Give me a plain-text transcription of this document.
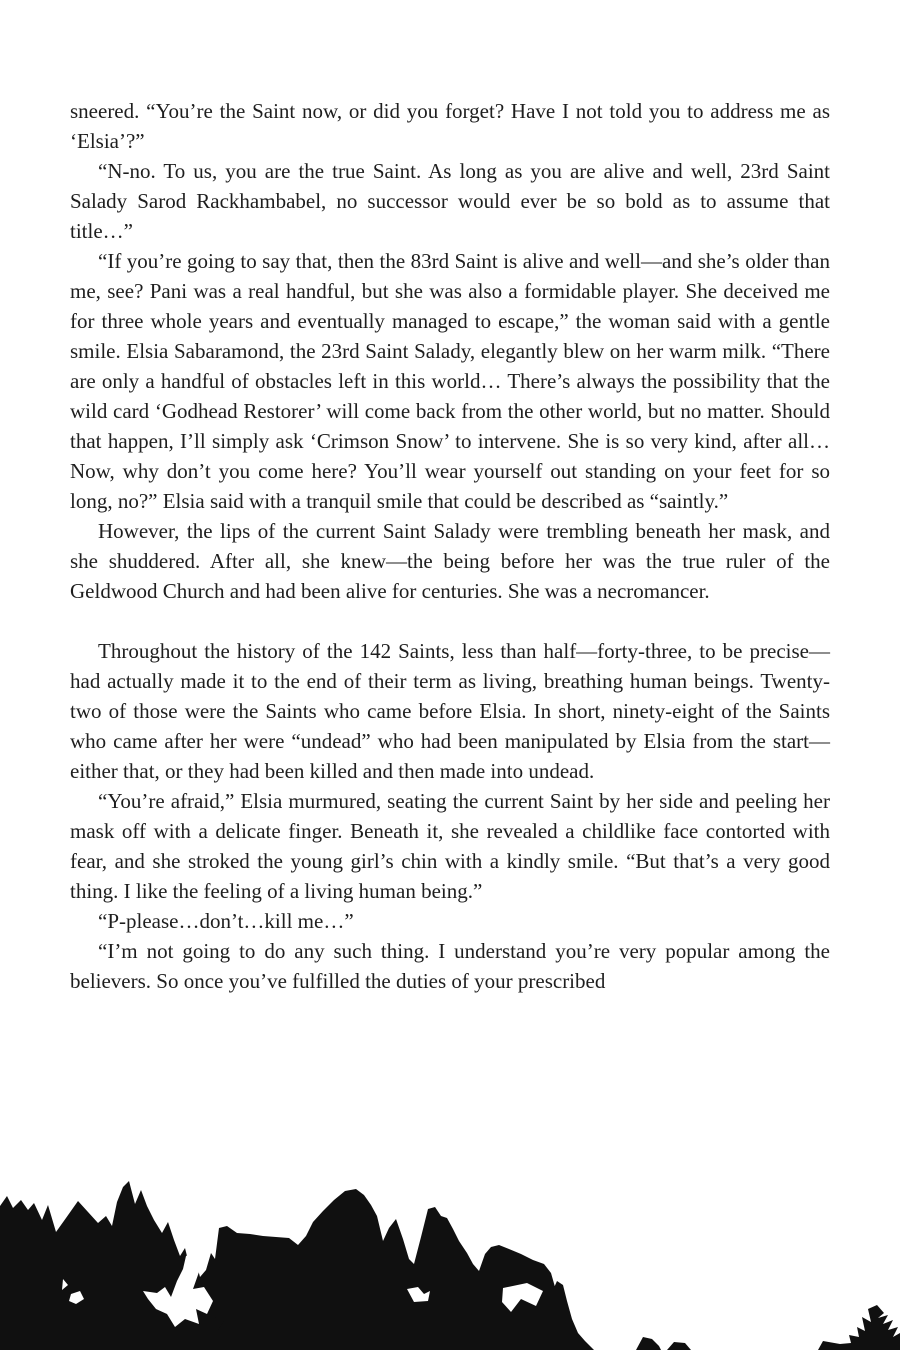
sneered. “You’re the Saint now, or did you forget? Have I not told you to address me as ‘Elsia’?”

“N-no. To us, you are the true Saint. As long as you are alive and well, 23rd Saint Salady Sarod Rackhambabel, no successor would ever be so bold as to assume that title…”

“If you’re going to say that, then the 83rd Saint is alive and well—and she’s older than me, see? Pani was a real handful, but she was also a formidable player. She deceived me for three whole years and eventually managed to escape,” the woman said with a gentle smile. Elsia Sabaramond, the 23rd Saint Salady, elegantly blew on her warm milk. “There are only a handful of obstacles left in this world… There’s always the possibility that the wild card ‘Godhead Restorer’ will come back from the other world, but no matter. Should that happen, I’ll simply ask ‘Crimson Snow’ to intervene. She is so very kind, after all… Now, why don’t you come here? You’ll wear yourself out standing on your feet for so long, no?” Elsia said with a tranquil smile that could be described as “saintly.”

However, the lips of the current Saint Salady were trembling beneath her mask, and she shuddered. After all, she knew—the being before her was the true ruler of the Geldwood Church and had been alive for centuries. She was a necromancer.

Throughout the history of the 142 Saints, less than half—forty-three, to be precise—had actually made it to the end of their term as living, breathing human beings. Twenty-two of those were the Saints who came before Elsia. In short, ninety-eight of the Saints who came after her were “undead” who had been manipulated by Elsia from the start—either that, or they had been killed and then made into undead.

“You’re afraid,” Elsia murmured, seating the current Saint by her side and peeling her mask off with a delicate finger. Beneath it, she revealed a childlike face contorted with fear, and she stroked the young girl’s chin with a kindly smile. “But that’s a very good thing. I like the feeling of a living human being.”

“P-please…don’t…kill me…”

“I’m not going to do any such thing. I understand you’re very popular among the believers. So once you’ve fulfilled the duties of your prescribed
